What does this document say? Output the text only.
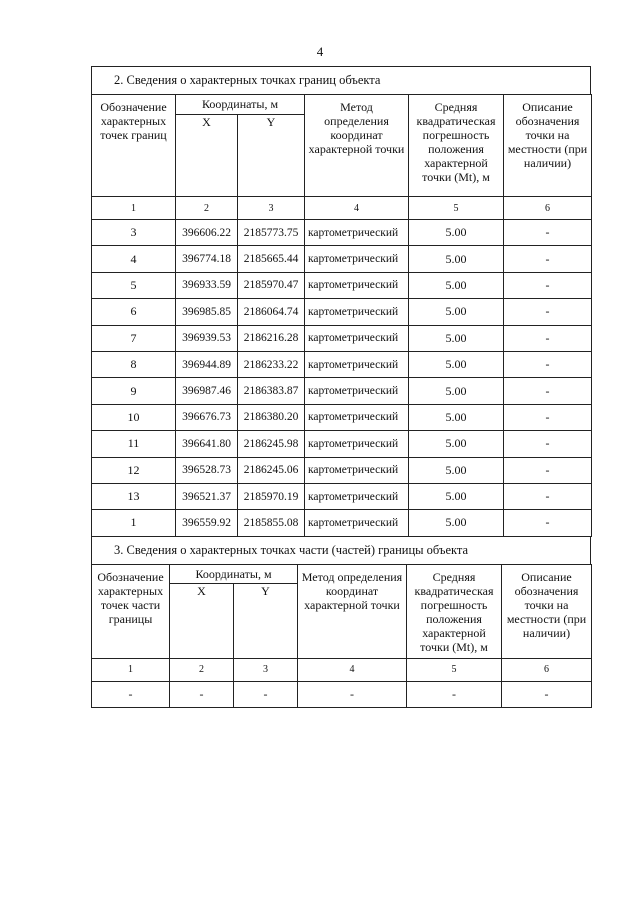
4
2. Сведения о характерных точках границ объекта
Обозначение характерных точек границ	Координаты, м		Метод определения координат характерной точки	Средняя квадратическая погрешность положения характерной точки (Mt), м	Описание обозначения точки на местности (при наличии)
	X	Y			
1	2	3	4	5	6
3	396606.22	2185773.75	картометрический	5.00	-
4	396774.18	2185665.44	картометрический	5.00	-
5	396933.59	2185970.47	картометрический	5.00	-
6	396985.85	2186064.74	картометрический	5.00	-
7	396939.53	2186216.28	картометрический	5.00	-
8	396944.89	2186233.22	картометрический	5.00	-
9	396987.46	2186383.87	картометрический	5.00	-
10	396676.73	2186380.20	картометрический	5.00	-
11	396641.80	2186245.98	картометрический	5.00	-
12	396528.73	2186245.06	картометрический	5.00	-
13	396521.37	2185970.19	картометрический	5.00	-
1	396559.92	2185855.08	картометрический	5.00	-
3. Сведения о характерных точках части (частей) границы объекта
Обозначение характерных точек части границы	Координаты, м		Метод определения координат характерной точки	Средняя квадратическая погрешность положения характерной точки (Mt), м	Описание обозначения точки на местности (при наличии)
	X	Y			
1	2	3	4	5	6
-	-	-	-	-	-
